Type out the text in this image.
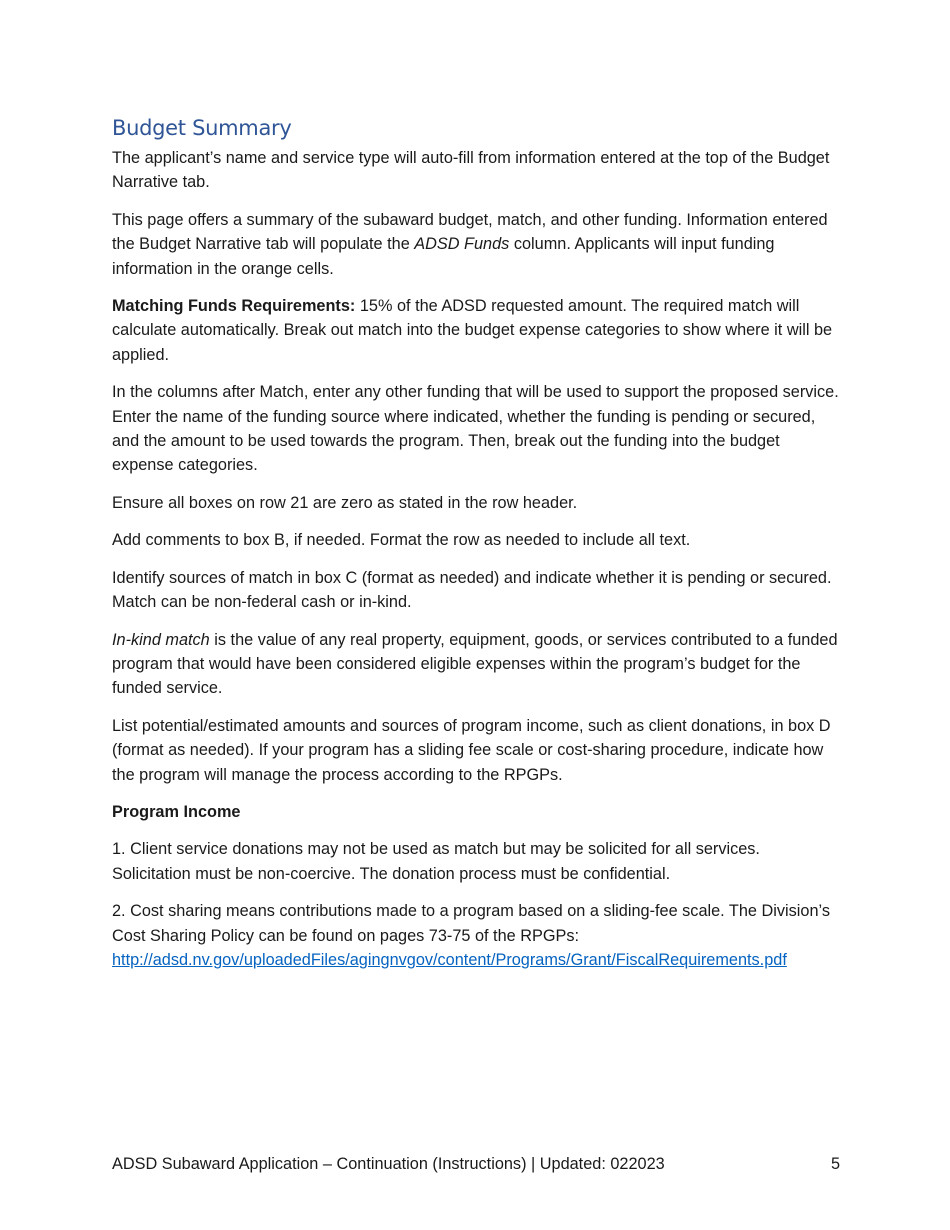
Budget Summary

The applicant’s name and service type will auto-fill from information entered at the top of the Budget Narrative tab.

This page offers a summary of the subaward budget, match, and other funding. Information entered the Budget Narrative tab will populate the ADSD Funds column. Applicants will input funding information in the orange cells.

Matching Funds Requirements: 15% of the ADSD requested amount. The required match will calculate automatically. Break out match into the budget expense categories to show where it will be applied.

In the columns after Match, enter any other funding that will be used to support the proposed service. Enter the name of the funding source where indicated, whether the funding is pending or secured, and the amount to be used towards the program. Then, break out the funding into the budget expense categories.

Ensure all boxes on row 21 are zero as stated in the row header.

Add comments to box B, if needed. Format the row as needed to include all text.

Identify sources of match in box C (format as needed) and indicate whether it is pending or secured. Match can be non-federal cash or in-kind.

In-kind match is the value of any real property, equipment, goods, or services contributed to a funded program that would have been considered eligible expenses within the program’s budget for the funded service.

List potential/estimated amounts and sources of program income, such as client donations, in box D (format as needed). If your program has a sliding fee scale or cost-sharing procedure, indicate how the program will manage the process according to the RPGPs.

Program Income

1. Client service donations may not be used as match but may be solicited for all services. Solicitation must be non-coercive. The donation process must be confidential.

2. Cost sharing means contributions made to a program based on a sliding-fee scale. The Division’s Cost Sharing Policy can be found on pages 73-75 of the RPGPs:
http://adsd.nv.gov/uploadedFiles/agingnvgov/content/Programs/Grant/FiscalRequirements.pdf

ADSD Subaward Application – Continuation (Instructions) | Updated: 022023	5
